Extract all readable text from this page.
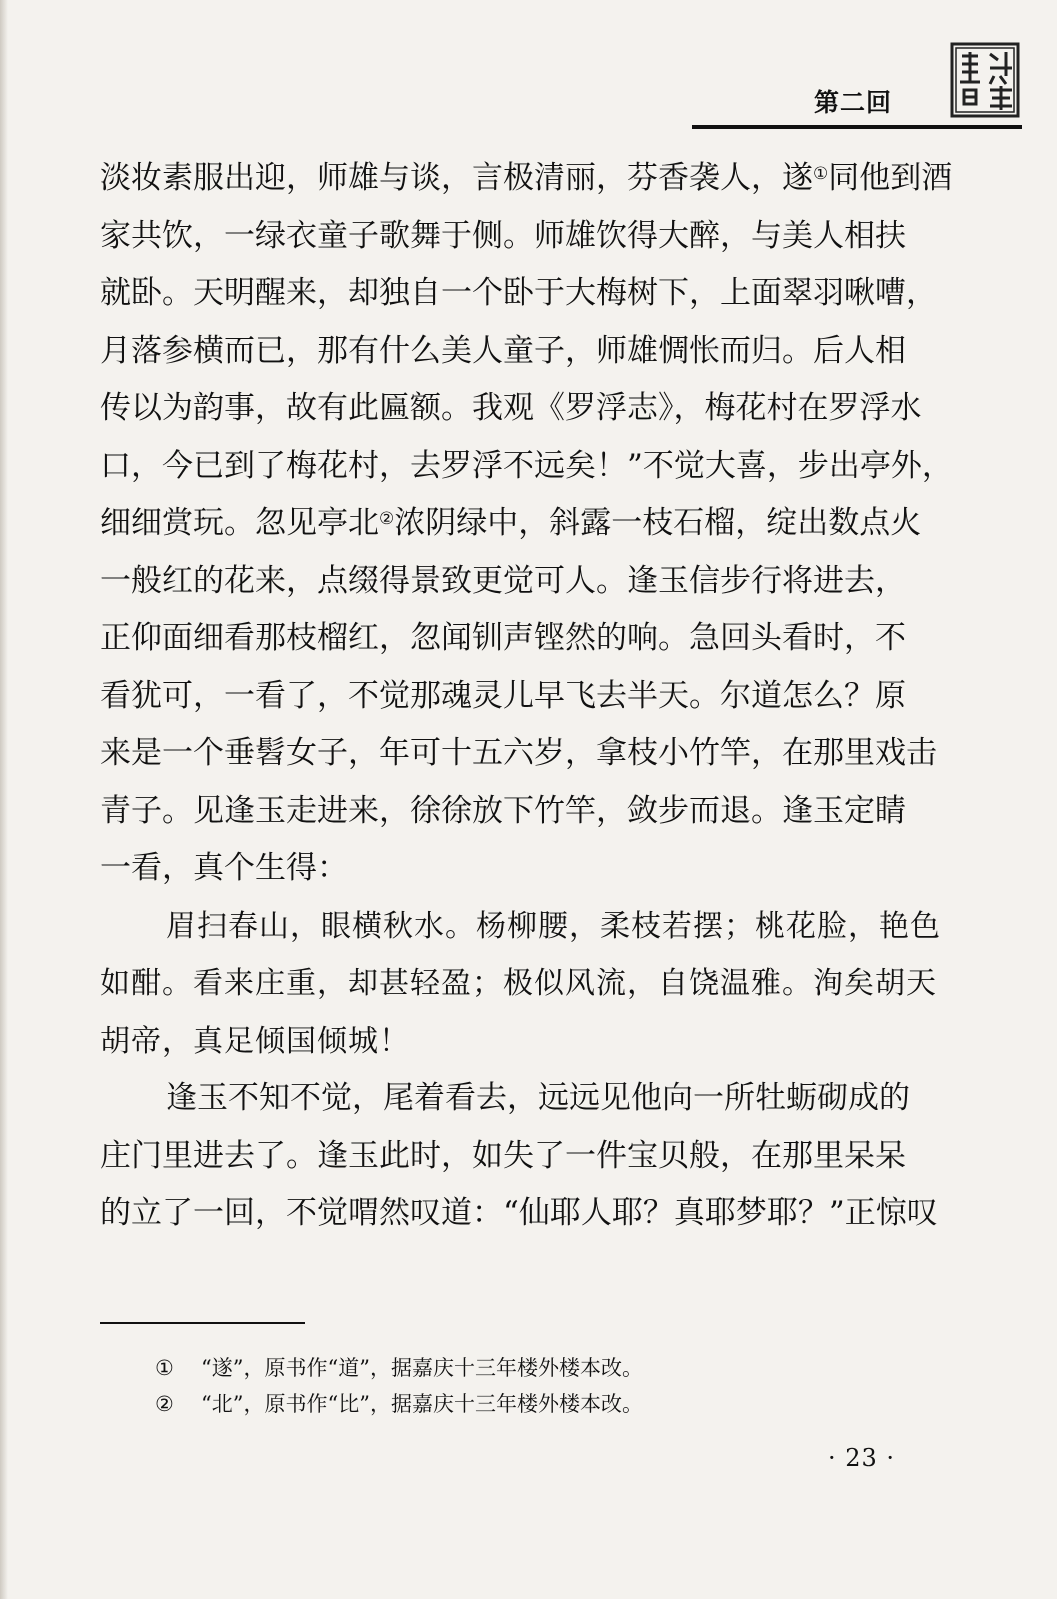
第二回
淡妆素服出迎，师雄与谈，言极清丽，芬香袭人，遂①同他到酒
家共饮，一绿衣童子歌舞于侧。师雄饮得大醉，与美人相扶
就卧。天明醒来，却独自一个卧于大梅树下，上面翠羽啾嘈，
月落参横而已，那有什么美人童子，师雄惆怅而归。后人相
传以为韵事，故有此匾额。我观《罗浮志》，梅花村在罗浮水
口，今已到了梅花村，去罗浮不远矣！”不觉大喜，步出亭外，
细细赏玩。忽见亭北②浓阴绿中，斜露一枝石榴，绽出数点火
一般红的花来，点缀得景致更觉可人。逢玉信步行将进去，
正仰面细看那枝榴红，忽闻钏声铿然的响。急回头看时，不
看犹可，一看了，不觉那魂灵儿早飞去半天。尔道怎么？原
来是一个垂髫女子，年可十五六岁，拿枝小竹竿，在那里戏击
青子。见逢玉走进来，徐徐放下竹竿，敛步而退。逢玉定睛
一看，真个生得：
眉扫春山，眼横秋水。杨柳腰，柔枝若摆；桃花脸，艳色
如酣。看来庄重，却甚轻盈；极似风流，自饶温雅。洵矣胡天
胡帝，真足倾国倾城！
逢玉不知不觉，尾着看去，远远见他向一所牡蛎砌成的
庄门里进去了。逢玉此时，如失了一件宝贝般，在那里呆呆
的立了一回，不觉喟然叹道：“仙耶人耶？真耶梦耶？”正惊叹
① “遂”，原书作“道”，据嘉庆十三年楼外楼本改。
② “北”，原书作“比”，据嘉庆十三年楼外楼本改。
· 23 ·
